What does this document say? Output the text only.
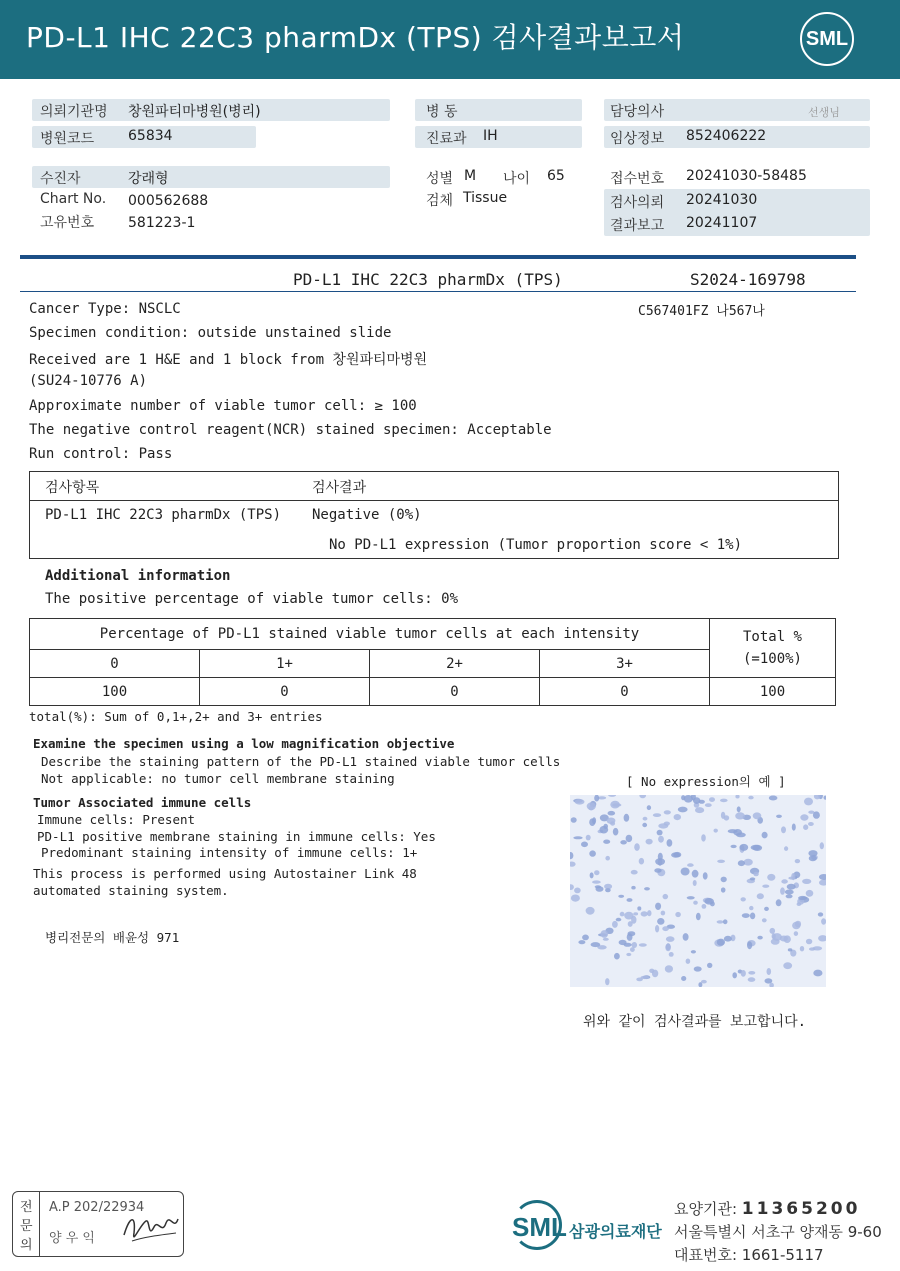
PD-L1 IHC 22C3 pharmDx (TPS) 검사결과보고서	SML
의뢰기관명 창원파티마병원(병리)
병원코드 65834
병 동
진료과 IH
담당의사	선생님
임상정보 852406222
수진자	강래형
Chart No. 000562688
고유번호 581223-1
성별 M 나이 65
검체 Tissue
접수번호 20241030-58485
검사의뢰 20241030
결과보고 20241107
PD-L1 IHC 22C3 pharmDx (TPS)	S2024-169798
C567401FZ 나567나
Cancer Type: NSCLC
Specimen condition: outside unstained slide
Received are 1 H&E and 1 block from 창원파티마병원
(SU24-10776 A)
Approximate number of viable tumor cell: ≥ 100
The negative control reagent(NCR) stained specimen: Acceptable
Run control: Pass
검사항목	검사결과
PD-L1 IHC 22C3 pharmDx (TPS) Negative (0%)
No PD-L1 expression (Tumor proportion score < 1%)
Additional information
The positive percentage of viable tumor cells: 0%
Percentage of PD-L1 stained viable tumor cells at each intensity				Total %
(=100%)
0	1+	2+	3+	
100	0	0	0	100
total(%): Sum of 0,1+,2+ and 3+ entries
Examine the specimen using a low magnification objective
Describe the staining pattern of the PD-L1 stained viable tumor cells
Not applicable: no tumor cell membrane staining	[ No expression의 예 ]
Tumor Associated immune cells
Immune cells: Present
PD-L1 positive membrane staining in immune cells: Yes
Predominant staining intensity of immune cells: 1+
This process is performed using Autostainer Link 48
automated staining system.
병리전문의 배윤성 971
위와 같이 검사결과를 보고합니다.
전
문
의
A.P 202/22934
양 우 익	SML 삼광의료재단
요양기관: 11365200
서울특별시 서초구 양재동 9-60
대표번호: 1661-5117
